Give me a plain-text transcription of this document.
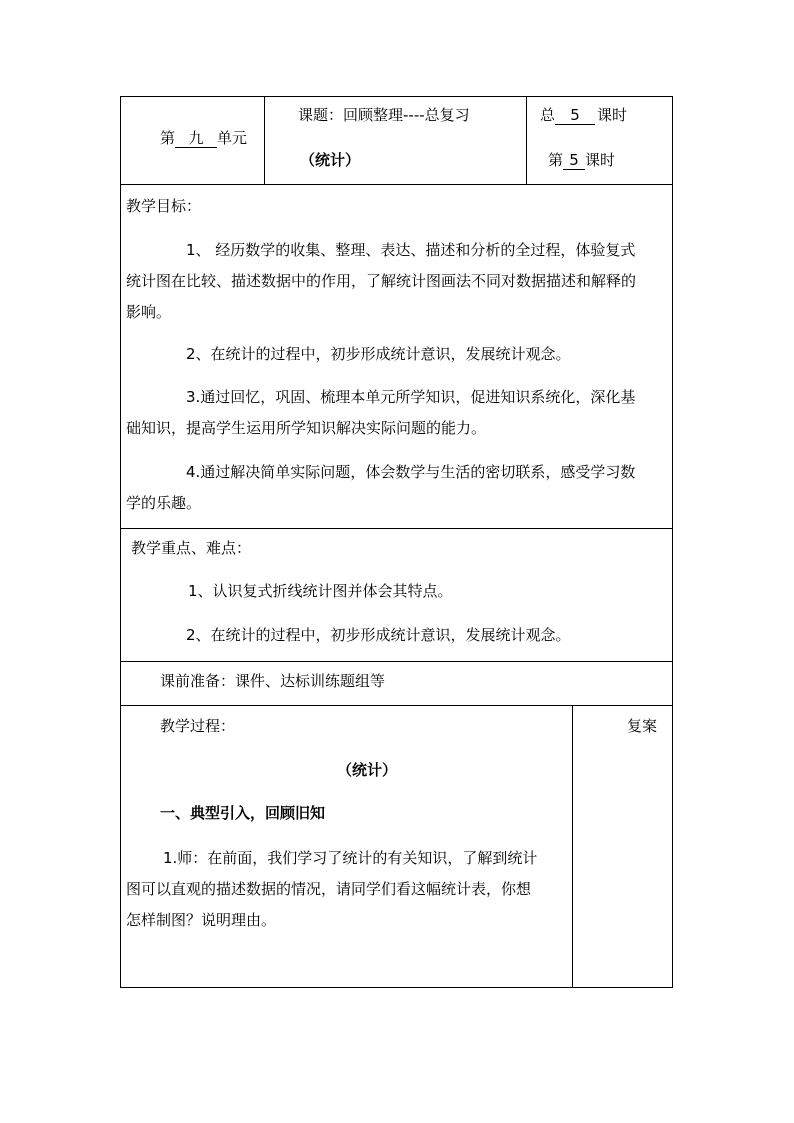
第 九 单元
课题：回顾整理----总复习
（统计）
总 5 课时
第 5 课时
教学目标：
1、 经历数学的收集、整理、表达、描述和分析的全过程，体验复式
统计图在比较、描述数据中的作用，了解统计图画法不同对数据描述和解释的
影响。
2、在统计的过程中，初步形成统计意识，发展统计观念。
3.通过回忆，巩固、梳理本单元所学知识，促进知识系统化，深化基
础知识，提高学生运用所学知识解决实际问题的能力。
4.通过解决简单实际问题，体会数学与生活的密切联系，感受学习数
学的乐趣。
教学重点、难点：
1、认识复式折线统计图并体会其特点。
2、在统计的过程中，初步形成统计意识，发展统计观念。
课前准备：课件、达标训练题组等
教学过程：	复案
（统计）
一、典型引入，回顾旧知
1.师：在前面，我们学习了统计的有关知识，了解到统计
图可以直观的描述数据的情况，请同学们看这幅统计表，你想
怎样制图？说明理由。
